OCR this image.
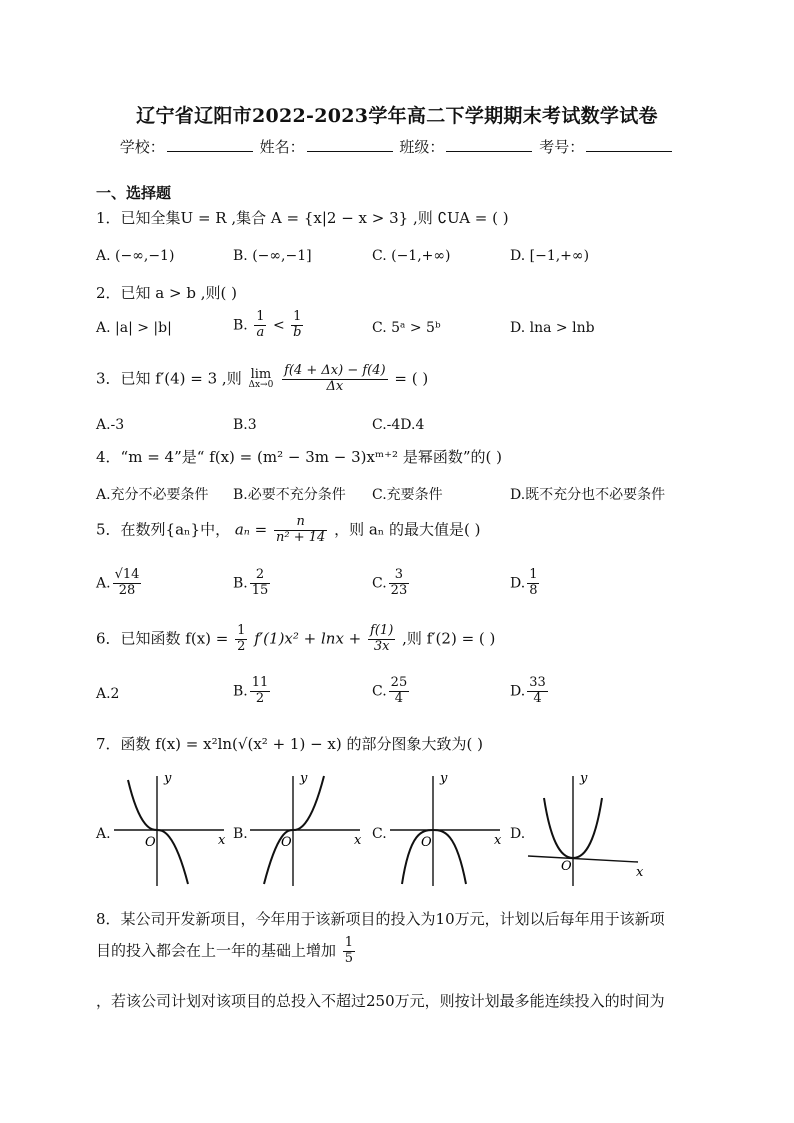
辽宁省辽阳市2022-2023学年高二下学期期末考试数学试卷
学校：	姓名：	班级：	考号：
一、选择题
1．已知全集U = R ,集合 A = {x|2 − x > 3} ,则 ∁UA = ( )
A. (−∞,−1)	B. (−∞,−1]	C. (−1,+∞)	D. [−1,+∞)
2．已知 a > b ,则( )
A. |a| > |b|	B. $\frac{1}{a} < \frac{1}{b}$	C. 5ᵃ > 5ᵇ	D. lna > lnb
3．已知 f′(4) = 3 ,则 lim
Δx→0
$\frac{f(4 + \Delta x) - f(4)}{\Delta x}$ = ( )
A.-3	B.3	C.-4D.4
4．“m = 4”是“ f(x) = (m² − 3m − 3)xᵐ⁺² 是幂函数”的( )
A.充分不必要条件 B.必要不充分条件 C.充要条件	D.既不充分也不必要条件
5．在数列{aₙ}中， $a_n = \frac{n}{\text{n² + 14}}$ ，则 aₙ 的最大值是( )
A. $\frac{√14}{28}$	B. $\frac{2}{15}$	C. $\frac{3}{23}$	D. $\frac{1}{8}$
6．已知函数 $f(x) = \frac{1}{2} f'(1)x^2 + \ln x + \frac{f(1)}{3x}$ ,则 f′(2) = ( )
A.2	B. $\frac{11}{2}$	C. $\frac{25}{4}$	D. $\frac{33}{4}$
7．函数 f(x) = x²ln(√(x² + 1) − x) 的部分图象大致为( )
A.
y
x
O
B.
y
x
O
C.
y
x
O
D.
y
x
O
8．某公司开发新项目，今年用于该新项目的投入为10万元，计划以后每年用于该新项
目的投入都会在上一年的基础上增加 $\frac{1}{5}$
，若该公司计划对该项目的总投入不超过250万元，则按计划最多能连续投入的时间为
